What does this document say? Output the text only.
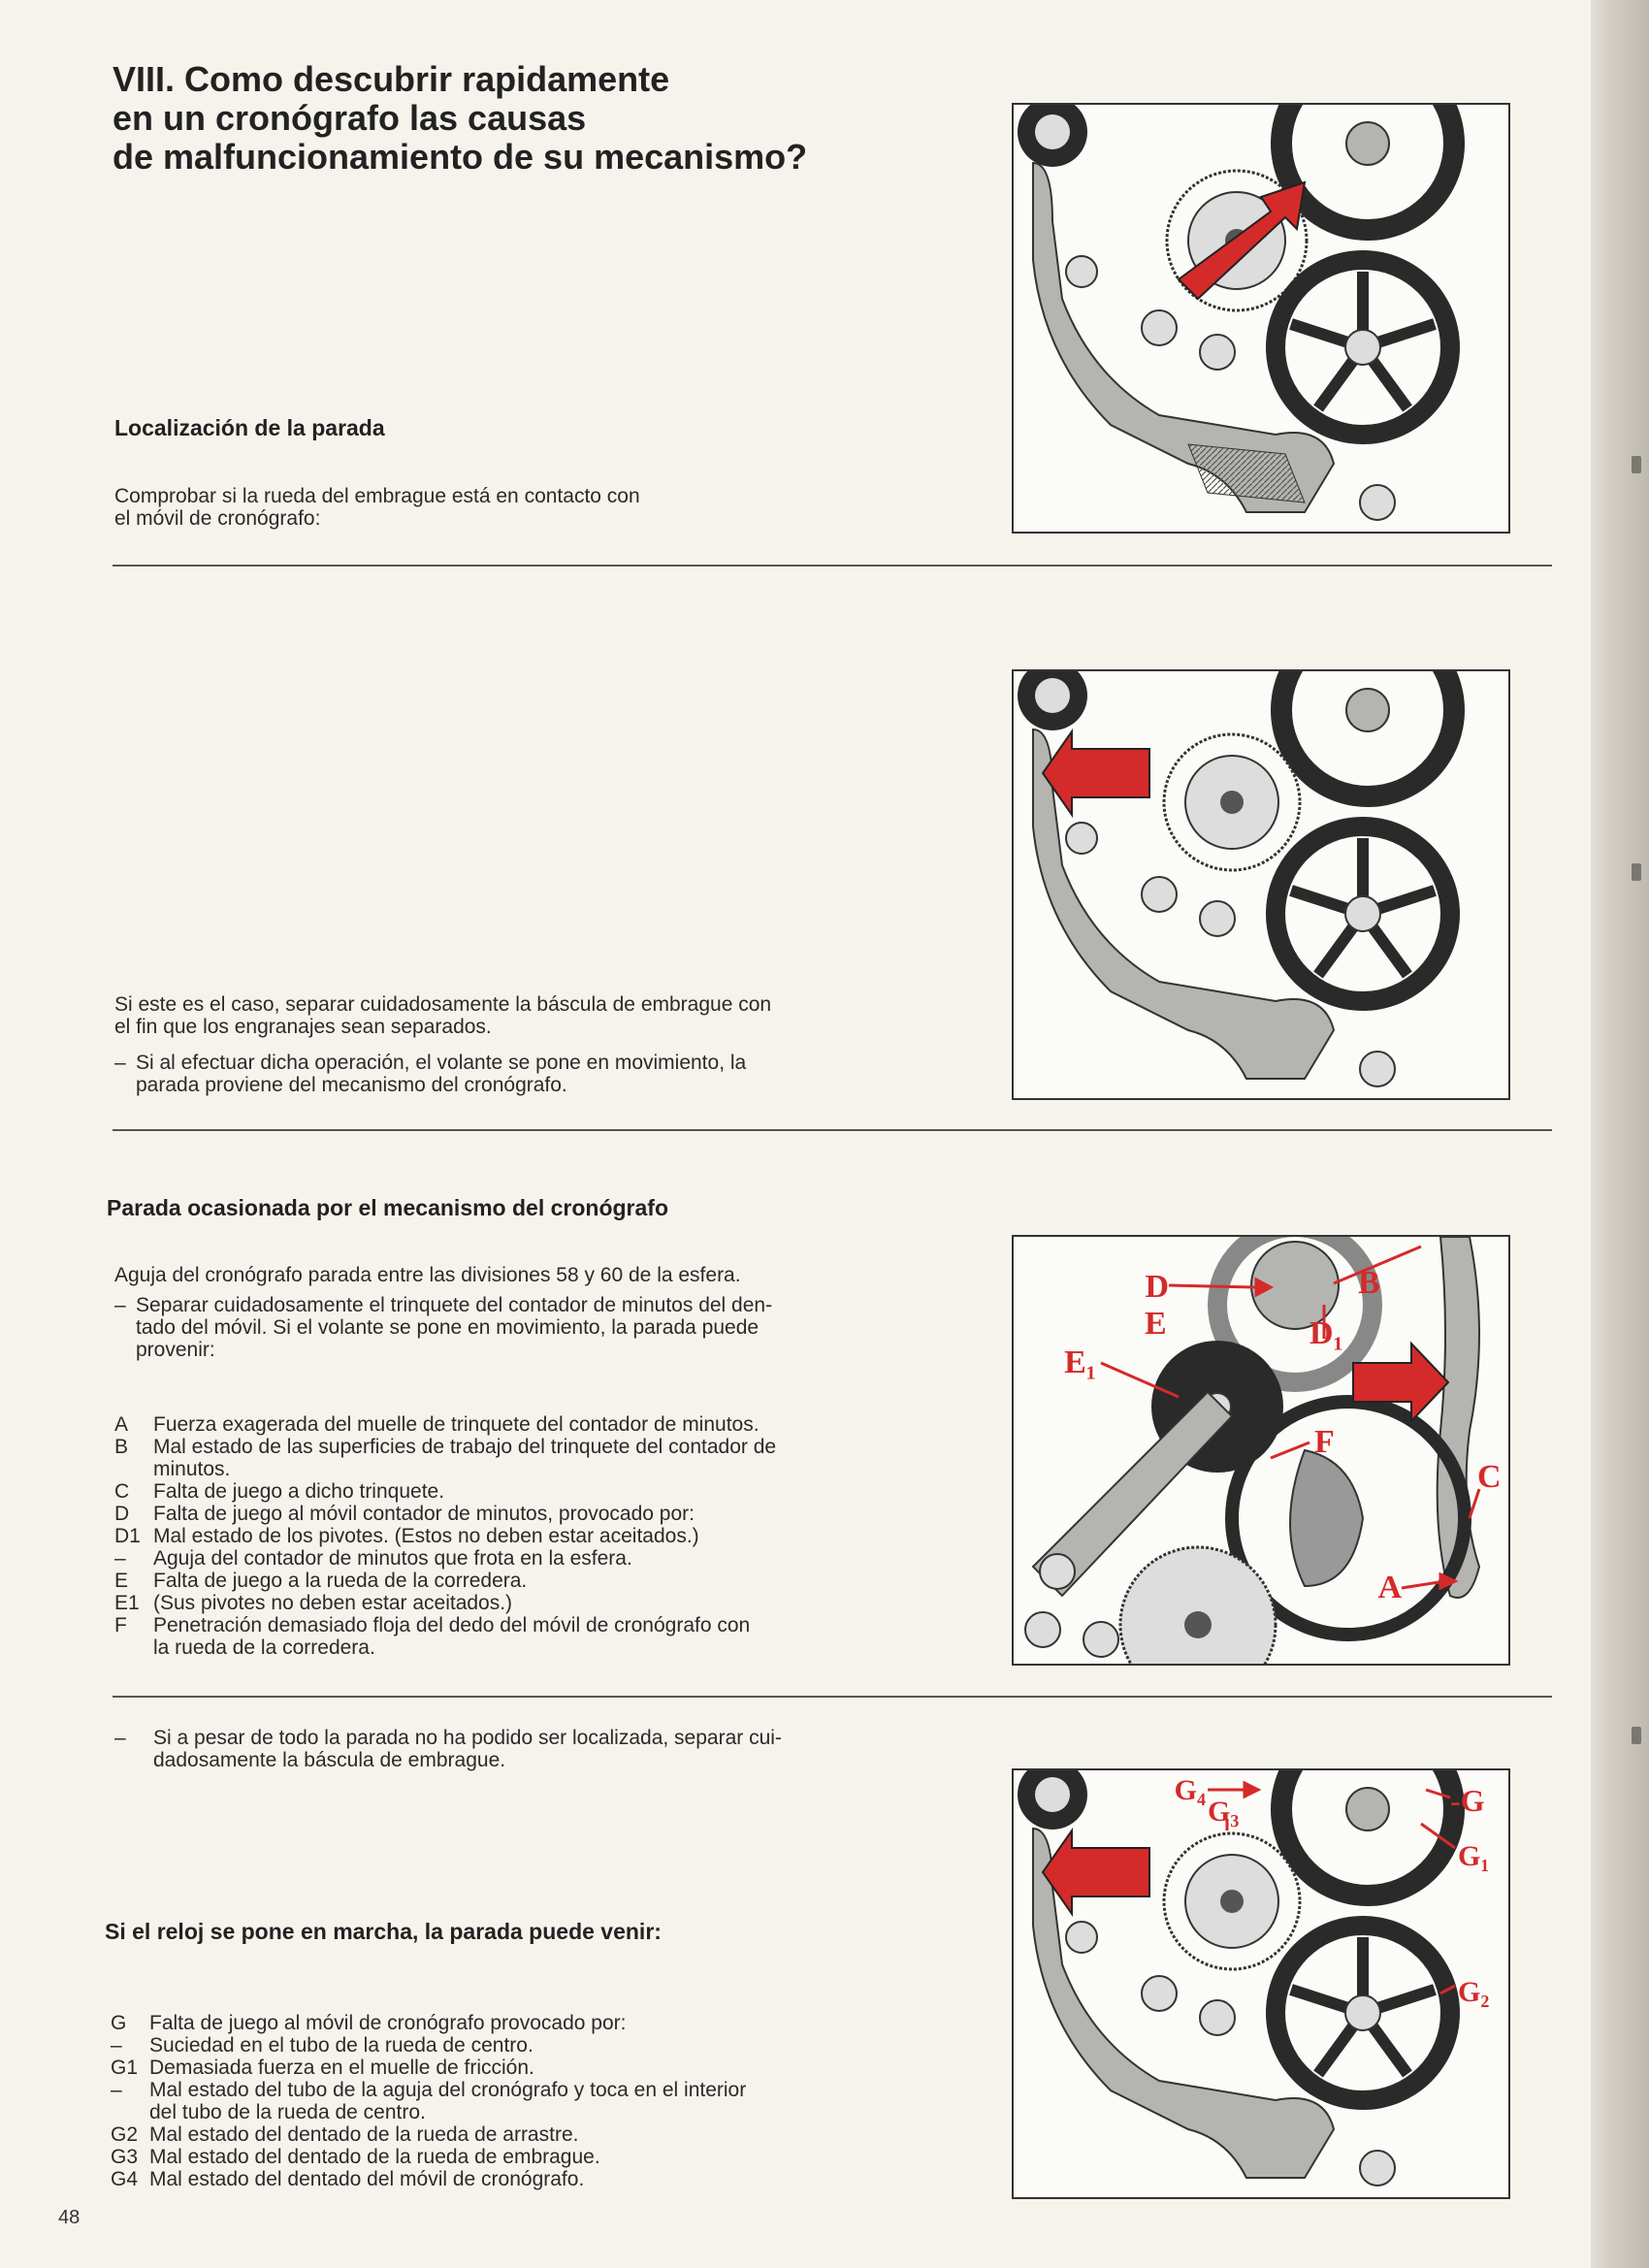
VIII. Como descubrir rapidamente
en un cronógrafo las causas
de malfuncionamiento de su mecanismo?
Localización de la parada
Comprobar si la rueda del embrague está en contacto con
el móvil de cronógrafo:
Si este es el caso, separar cuidadosamente la báscula de embrague con
el fin que los engranajes sean separados.
– Si al efectuar dicha operación, el volante se pone en movimiento, la
parada proviene del mecanismo del cronógrafo.
Parada ocasionada por el mecanismo del cronógrafo
Aguja del cronógrafo parada entre las divisiones 58 y 60 de la esfera.
– Separar cuidadosamente el trinquete del contador de minutos del den-
tado del móvil. Si el volante se pone en movimiento, la parada puede
provenir:
A	Fuerza exagerada del muelle de trinquete del contador de minutos.
B	Mal estado de las superficies de trabajo del trinquete del contador de
minutos.
C	Falta de juego a dicho trinquete.
D	Falta de juego al móvil contador de minutos, provocado por:
D1 Mal estado de los pivotes. (Estos no deben estar aceitados.)
–	Aguja del contador de minutos que frota en la esfera.
E	Falta de juego a la rueda de la corredera.
E1 (Sus pivotes no deben estar aceitados.)
F	Penetración demasiado floja del dedo del móvil de cronógrafo con
la rueda de la corredera.
–	Si a pesar de todo la parada no ha podido ser localizada, separar cui-
dadosamente la báscula de embrague.
Si el reloj se pone en marcha, la parada puede venir:
G	Falta de juego al móvil de cronógrafo provocado por:
–	Suciedad en el tubo de la rueda de centro.
G1 Demasiada fuerza en el muelle de fricción.
–	Mal estado del tubo de la aguja del cronógrafo y toca en el interior
del tubo de la rueda de centro.
G2 Mal estado del dentado de la rueda de arrastre.
G3 Mal estado del dentado de la rueda de embrague.
G4 Mal estado del dentado del móvil de cronógrafo.
48
D	B
E	D₁
E₁
F
C
A
G₄
G₃	-G
G₁
G₂
